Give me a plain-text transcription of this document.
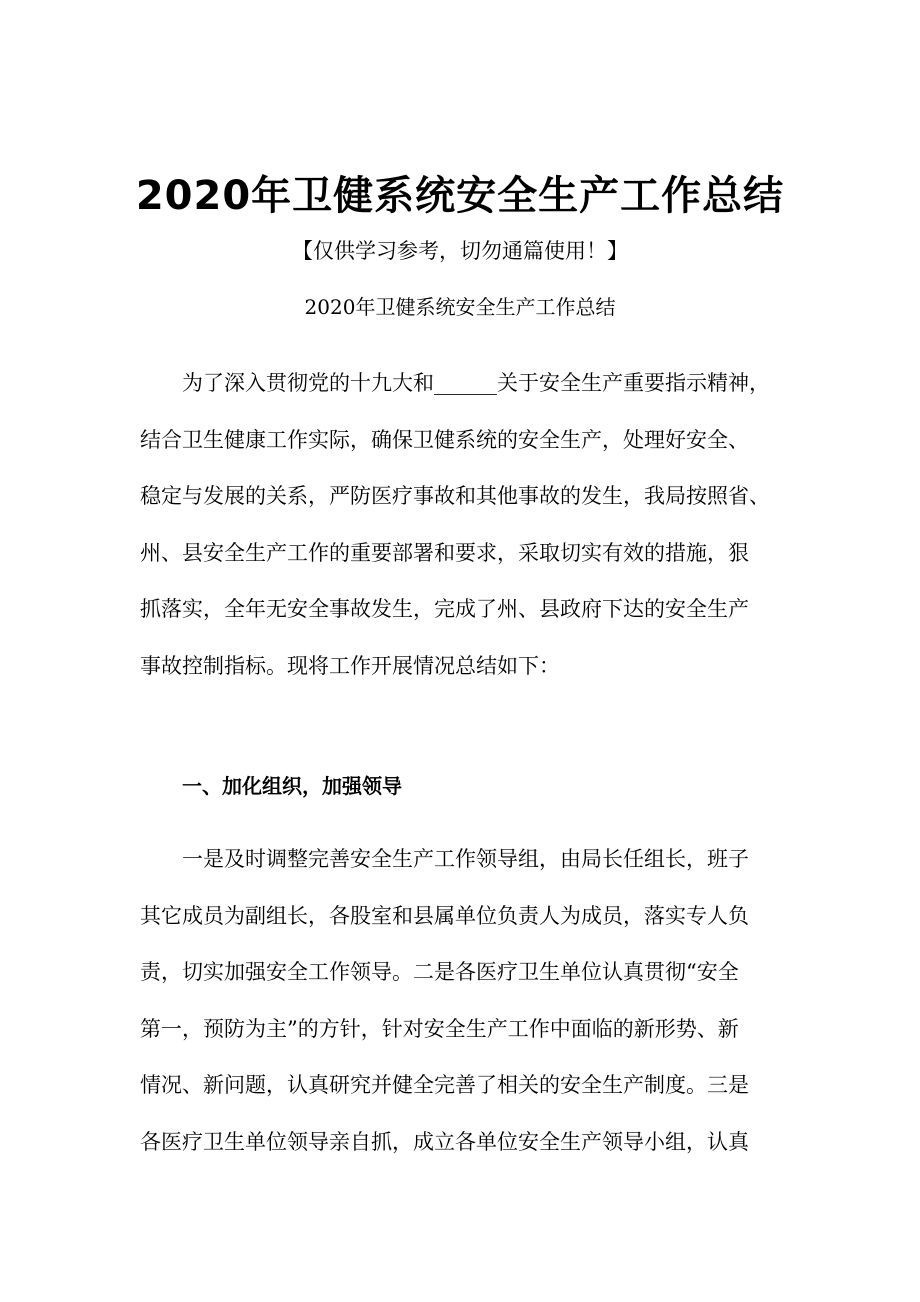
2020年卫健系统安全生产工作总结

【仅供学习参考，切勿通篇使用！】

2020年卫健系统安全生产工作总结

为了深入贯彻党的十九大和______关于安全生产重要指示精神，
结合卫生健康工作实际，确保卫健系统的安全生产，处理好安全、
稳定与发展的关系，严防医疗事故和其他事故的发生，我局按照省、
州、县安全生产工作的重要部署和要求，采取切实有效的措施，狠
抓落实，全年无安全事故发生，完成了州、县政府下达的安全生产
事故控制指标。现将工作开展情况总结如下：
一、加化组织，加强领导
一是及时调整完善安全生产工作领导组，由局长任组长，班子
其它成员为副组长，各股室和县属单位负责人为成员，落实专人负
责，切实加强安全工作领导。二是各医疗卫生单位认真贯彻“安全
第一，预防为主”的方针，针对安全生产工作中面临的新形势、新
情况、新问题，认真研究并健全完善了相关的安全生产制度。三是
各医疗卫生单位领导亲自抓，成立各单位安全生产领导小组，认真
